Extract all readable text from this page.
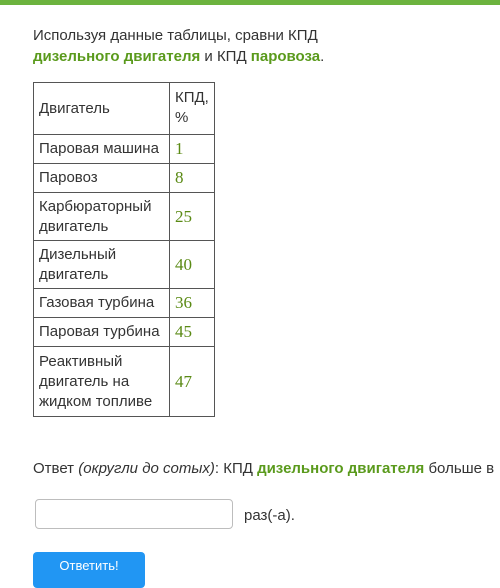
Используя данные таблицы, сравни КПД
дизельного двигателя и КПД паровоза.
Двигатель	КПД, %
Паровая машина	1
Паровоз	8
Карбюраторный двигатель	25
Дизельный двигатель	40
Газовая турбина	36
Паровая турбина	45
Реактивный двигатель на жидком топливе	47
Ответ (округли до сотых): КПД дизельного двигателя больше в
раз(-а).
Ответить!
